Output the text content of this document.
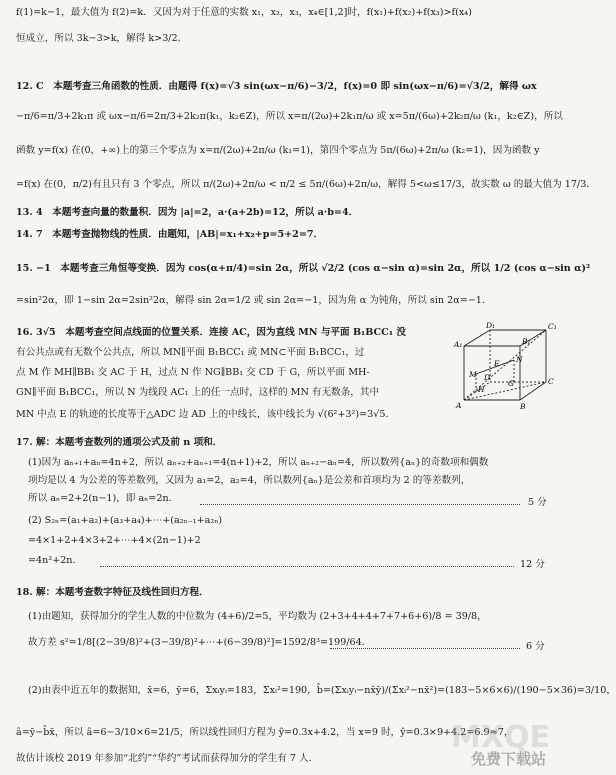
f(1)=k−1，最大值为 f(2)=k．又因为对于任意的实数 x₁，x₂，x₃，x₄∈[1,2]时，f(x₁)+f(x₂)+f(x₃)>f(x₄)
恒成立，所以 3k−3>k，解得 k>3/2．
12. C　本题考查三角函数的性质．由题得 f(x)=√3 sin(ωx−π/6)−3/2，f(x)=0 即 sin(ωx−π/6)=√3/2，解得 ωx
−π/6=π/3+2k₁π 或 ωx−π/6=2π/3+2k₂π(k₁，k₂∈Z)，所以 x=π/(2ω)+2k₁π/ω 或 x=5π/(6ω)+2k₂π/ω (k₁，k₂∈Z)，所以
函数 y=f(x) 在(0，+∞)上的第三个零点为 x=π/(2ω)+2π/ω (k₁=1)，第四个零点为 5π/(6ω)+2π/ω (k₂=1)，因为函数 y
=f(x) 在(0，π/2)有且只有 3 个零点，所以 π/(2ω)+2π/ω < π/2 ≤ 5π/(6ω)+2π/ω，解得 5<ω≤17/3，故实数 ω 的最大值为 17/3．
13. 4　本题考查向量的数量积．因为 |a|=2，a·(a+2b)=12，所以 a·b=4．
14. 7　本题考查抛物线的性质．由题知，|AB|=x₁+x₂+p=5+2=7．
15. −1　本题考查三角恒等变换．因为 cos(α+π/4)=sin 2α，所以 √2/2 (cos α−sin α)=sin 2α，所以 1/2 (cos α−sin α)²
=sin²2α，即 1−sin 2α=2sin²2α，解得 sin 2α=1/2 或 sin 2α=−1，因为角 α 为钝角，所以 sin 2α=−1．
16. 3√5　本题考查空间点线面的位置关系．连接 AC，因为直线 MN 与平面 B₁BCC₁ 没
有公共点或有无数个公共点，所以 MN∥平面 B₁BCC₁ 或 MN⊂平面 B₁BCC₁，过
点 M 作 MH∥BB₁ 交 AC 于 H，过点 N 作 NG∥BB₁ 交 CD 于 G，所以平面 MH-
GN∥平面 B₁BCC₁，所以 N 为线段 AC₁ 上的任一点时，这样的 MN 有无数条，其中
MN 中点 E 的轨迹的长度等于△ADC 边 AD 上的中线长，该中线长为 √(6²+3²)=3√5．
D₁	C₁
A₁	B₁
D	C
A	B
M
N
H
G
E
17. 解：本题考查数列的通项公式及前 n 项和．
(1)因为 aₙ₊₁+aₙ=4n+2，所以 aₙ₊₂+aₙ₊₁=4(n+1)+2，所以 aₙ₊₂−aₙ=4，所以数列{aₙ}的奇数项和偶数
项均是以 4 为公差的等差数列，又因为 a₁=2，a₂=4，所以数列{aₙ}是公差和首项均为 2 的等差数列，
所以 aₙ=2+2(n−1)，即 aₙ=2n．	5 分
(2) S₂ₙ=(a₁+a₂)+(a₃+a₄)+⋯+(a₂ₙ₋₁+a₂ₙ)
=4×1+2+4×3+2+⋯+4×(2n−1)+2
=4n²+2n．	12 分
18. 解：本题考查数字特征及线性回归方程．
(1)由题知，获得加分的学生人数的中位数为 (4+6)/2=5，平均数为 (2+3+4+4+7+7+6+6)/8 = 39/8，
故方差 s²=1/8[(2−39/8)²+(3−39/8)²+⋯+(6−39/8)²]=1592/8³=199/64．	6 分
(2)由表中近五年的数据知，x̄=6，ȳ=6，Σxᵢyᵢ=183，Σxᵢ²=190，b̂=(Σxᵢyᵢ−nx̄ȳ)/(Σxᵢ²−nx̄²)=(183−5×6×6)/(190−5×36)=3/10，
â=ȳ−b̂x̄，所以 â=6−3/10×6=21/5，所以线性回归方程为 ŷ=0.3x+4.2，当 x=9 时，ŷ=0.3×9+4.2=6.9≈7，
故估计该校 2019 年参加“北约”“华约”考试而获得加分的学生有 7 人．
MXQE
免费下载站
